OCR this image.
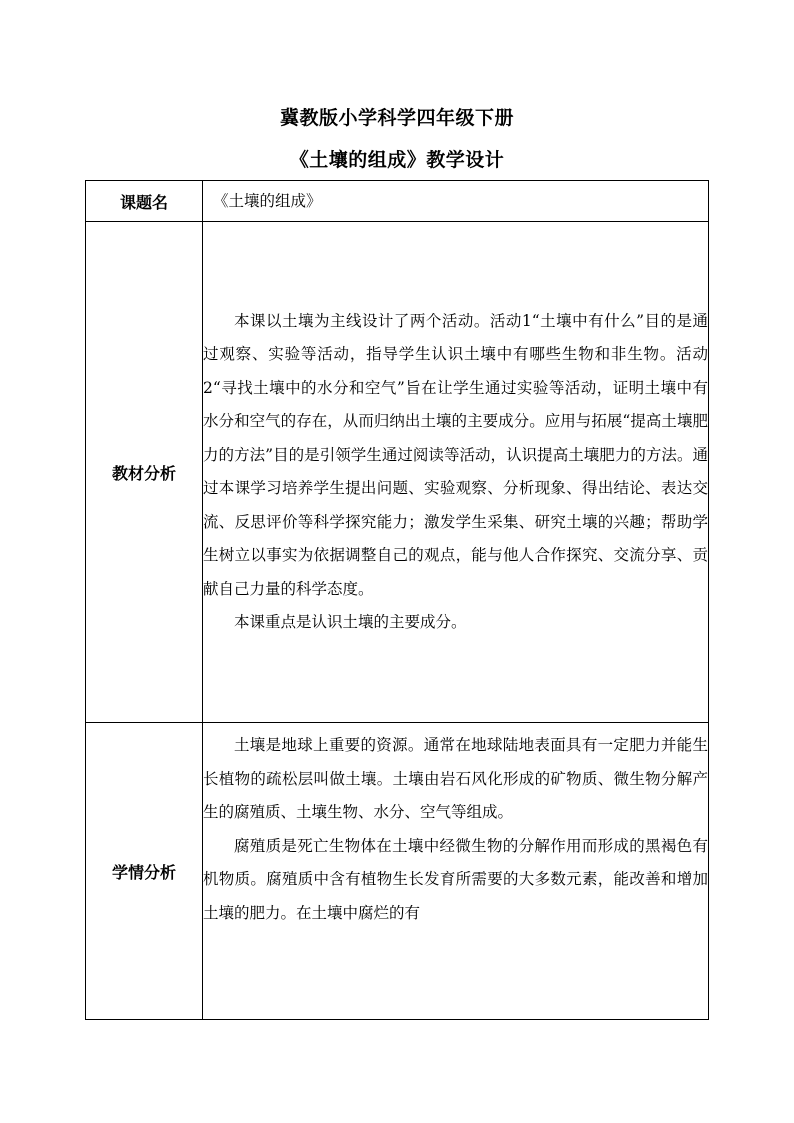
冀教版小学科学四年级下册
《土壤的组成》教学设计
课题名	《土壤的组成》
教材分析	本课以土壤为主线设计了两个活动。活动1“土壤中有什么”目的是通过观察、实验等活动，指导学生认识土壤中有哪些生物和非生物。活动2“寻找土壤中的水分和空气”旨在让学生通过实验等活动，证明土壤中有水分和空气的存在，从而归纳出土壤的主要成分。应用与拓展“提高土壤肥力的方法”目的是引领学生通过阅读等活动，认识提高土壤肥力的方法。通过本课学习培养学生提出问题、实验观察、分析现象、得出结论、表达交流、反思评价等科学探究能力；激发学生采集、研究土壤的兴趣；帮助学生树立以事实为依据调整自己的观点，能与他人合作探究、交流分享、贡献自己力量的科学态度。

本课重点是认识土壤的主要成分。

学情分析	土壤是地球上重要的资源。通常在地球陆地表面具有一定肥力并能生长植物的疏松层叫做土壤。土壤由岩石风化形成的矿物质、微生物分解产生的腐殖质、土壤生物、水分、空气等组成。

腐殖质是死亡生物体在土壤中经微生物的分解作用而形成的黑褐色有机物质。腐殖质中含有植物生长发育所需要的大多数元素，能改善和增加土壤的肥力。在土壤中腐烂的有
